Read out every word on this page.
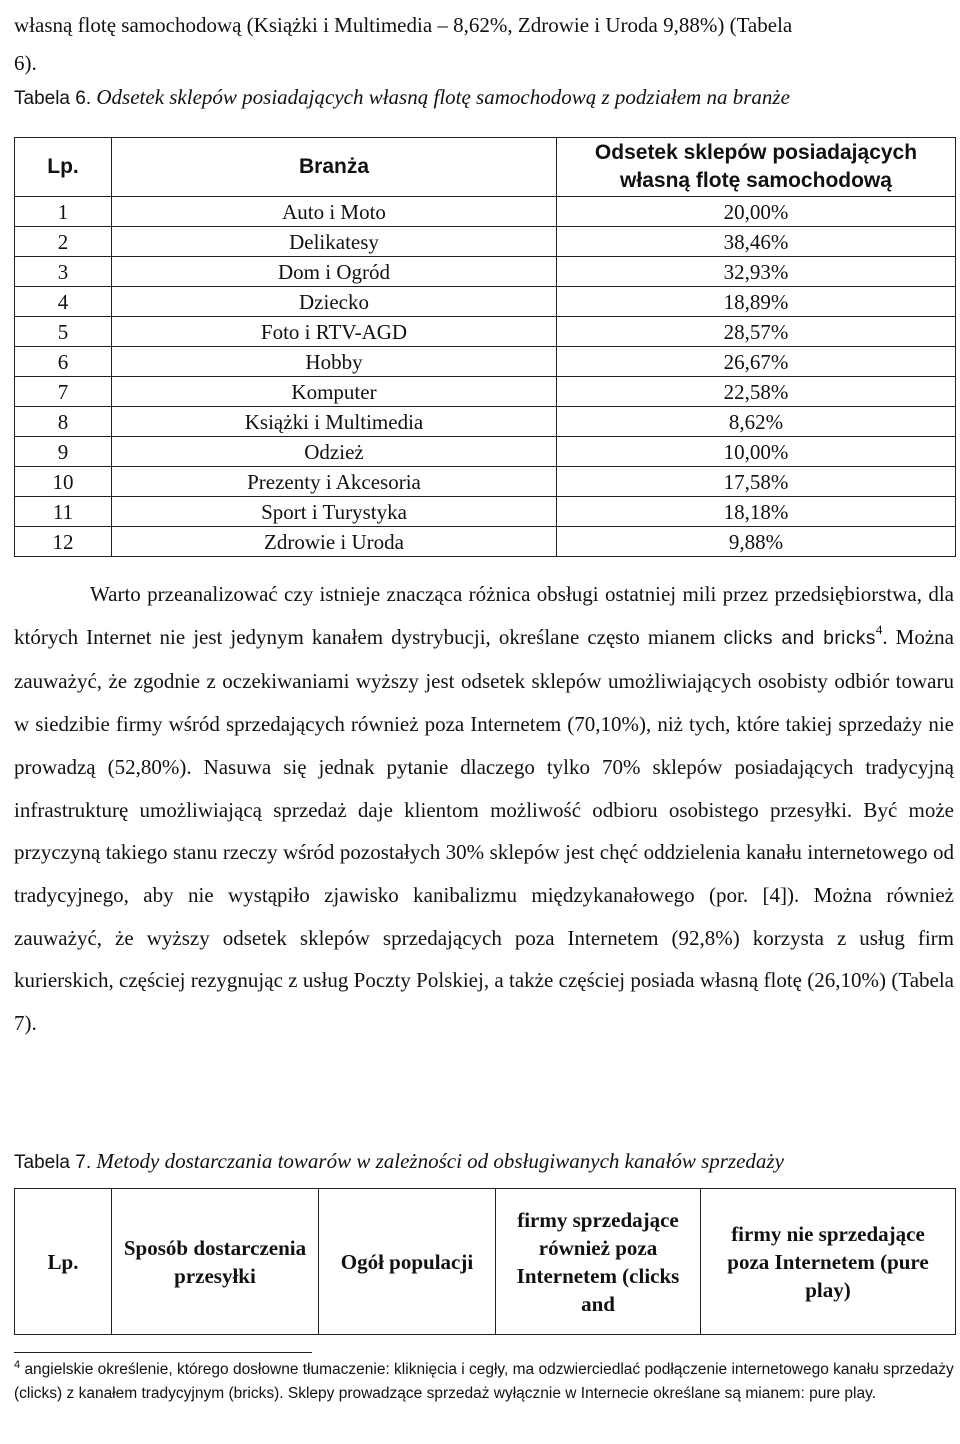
własną flotę samochodową (Książki i Multimedia – 8,62%, Zdrowie i Uroda 9,88%) (Tabela
6).

Tabela 6. Odsetek sklepów posiadających własną flotę samochodową z podziałem na branże

Lp.	Branża	Odsetek sklepów posiadających
własną flotę samochodową
1	Auto i Moto	20,00%
2	Delikatesy	38,46%
3	Dom i Ogród	32,93%
4	Dziecko	18,89%
5	Foto i RTV-AGD	28,57%
6	Hobby	26,67%
7	Komputer	22,58%
8	Książki i Multimedia	8,62%
9	Odzież	10,00%
10	Prezenty i Akcesoria	17,58%
11	Sport i Turystyka	18,18%
12	Zdrowie i Uroda	9,88%

Warto przeanalizować czy istnieje znacząca różnica obsługi ostatniej mili przez przedsiębiorstwa, dla których Internet nie jest jedynym kanałem dystrybucji, określane często mianem clicks and bricks$^4$. Można zauważyć, że zgodnie z oczekiwaniami wyższy jest odsetek sklepów umożliwiających osobisty odbiór towaru w siedzibie firmy wśród sprzedających również poza Internetem (70,10%), niż tych, które takiej sprzedaży nie prowadzą (52,80%). Nasuwa się jednak pytanie dlaczego tylko 70% sklepów posiadających tradycyjną infrastrukturę umożliwiającą sprzedaż daje klientom możliwość odbioru osobistego przesyłki. Być może przyczyną takiego stanu rzeczy wśród pozostałych 30% sklepów jest chęć oddzielenia kanału internetowego od tradycyjnego, aby nie wystąpiło zjawisko kanibalizmu międzykanałowego (por. [4]). Można również zauważyć, że wyższy odsetek sklepów sprzedających poza Internetem (92,8%) korzysta z usług firm kurierskich, częściej rezygnując z usług Poczty Polskiej, a także częściej posiada własną flotę (26,10%) (Tabela 7).

Tabela 7. Metody dostarczania towarów w zależności od obsługiwanych kanałów sprzedaży

Lp.	Sposób dostarczenia przesyłki	Ogół populacji	firmy sprzedające również poza Internetem (clicks and	firmy nie sprzedające poza Internetem (pure play)

$^4$ angielskie określenie, którego dosłowne tłumaczenie: kliknięcia i cegły, ma odzwierciedlać podłączenie internetowego kanału sprzedaży (clicks) z kanałem tradycyjnym (bricks). Sklepy prowadzące sprzedaż wyłącznie w Internecie określane są mianem: pure play.
